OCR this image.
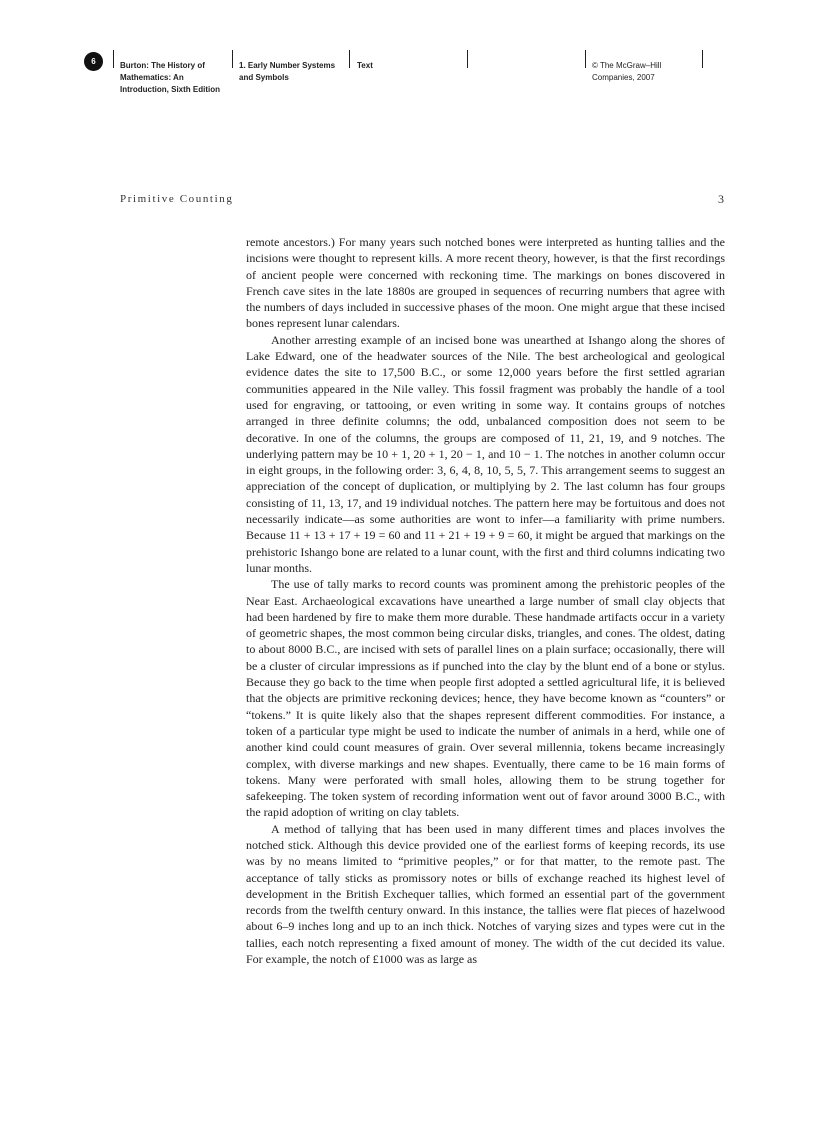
6	Burton: The History of
Mathematics: An
Introduction, Sixth Edition
1. Early Number Systems
and Symbols
Text	© The McGraw–Hill
Companies, 2007
Primitive Counting	3

remote ancestors.) For many years such notched bones were interpreted as hunting tallies and the incisions were thought to represent kills. A more recent theory, however, is that the first recordings of ancient people were concerned with reckoning time. The markings on bones discovered in French cave sites in the late 1880s are grouped in sequences of recurring numbers that agree with the numbers of days included in successive phases of the moon. One might argue that these incised bones represent lunar calendars.

Another arresting example of an incised bone was unearthed at Ishango along the shores of Lake Edward, one of the headwater sources of the Nile. The best archeological and geological evidence dates the site to 17,500 B.C., or some 12,000 years before the first settled agrarian communities appeared in the Nile valley. This fossil fragment was probably the handle of a tool used for engraving, or tattooing, or even writing in some way. It contains groups of notches arranged in three definite columns; the odd, unbalanced composition does not seem to be decorative. In one of the columns, the groups are composed of 11, 21, 19, and 9 notches. The underlying pattern may be 10 + 1, 20 + 1, 20 − 1, and 10 − 1. The notches in another column occur in eight groups, in the following order: 3, 6, 4, 8, 10, 5, 5, 7. This arrangement seems to suggest an appreciation of the concept of duplication, or multiplying by 2. The last column has four groups consisting of 11, 13, 17, and 19 individual notches. The pattern here may be fortuitous and does not necessarily indicate—as some authorities are wont to infer—a familiarity with prime numbers. Because 11 + 13 + 17 + 19 = 60 and 11 + 21 + 19 + 9 = 60, it might be argued that markings on the prehistoric Ishango bone are related to a lunar count, with the first and third columns indicating two lunar months.

The use of tally marks to record counts was prominent among the prehistoric peoples of the Near East. Archaeological excavations have unearthed a large number of small clay objects that had been hardened by fire to make them more durable. These handmade artifacts occur in a variety of geometric shapes, the most common being circular disks, triangles, and cones. The oldest, dating to about 8000 B.C., are incised with sets of parallel lines on a plain surface; occasionally, there will be a cluster of circular impressions as if punched into the clay by the blunt end of a bone or stylus. Because they go back to the time when people first adopted a settled agricultural life, it is believed that the objects are primitive reckoning devices; hence, they have become known as “counters” or “tokens.” It is quite likely also that the shapes represent different commodities. For instance, a token of a particular type might be used to indicate the number of animals in a herd, while one of another kind could count measures of grain. Over several millennia, tokens became increasingly complex, with diverse markings and new shapes. Eventually, there came to be 16 main forms of tokens. Many were perforated with small holes, allowing them to be strung together for safekeeping. The token system of recording information went out of favor around 3000 B.C., with the rapid adoption of writing on clay tablets.

A method of tallying that has been used in many different times and places involves the notched stick. Although this device provided one of the earliest forms of keeping records, its use was by no means limited to “primitive peoples,” or for that matter, to the remote past. The acceptance of tally sticks as promissory notes or bills of exchange reached its highest level of development in the British Exchequer tallies, which formed an essential part of the government records from the twelfth century onward. In this instance, the tallies were flat pieces of hazelwood about 6–9 inches long and up to an inch thick. Notches of varying sizes and types were cut in the tallies, each notch representing a fixed amount of money. The width of the cut decided its value. For example, the notch of £1000 was as large as
